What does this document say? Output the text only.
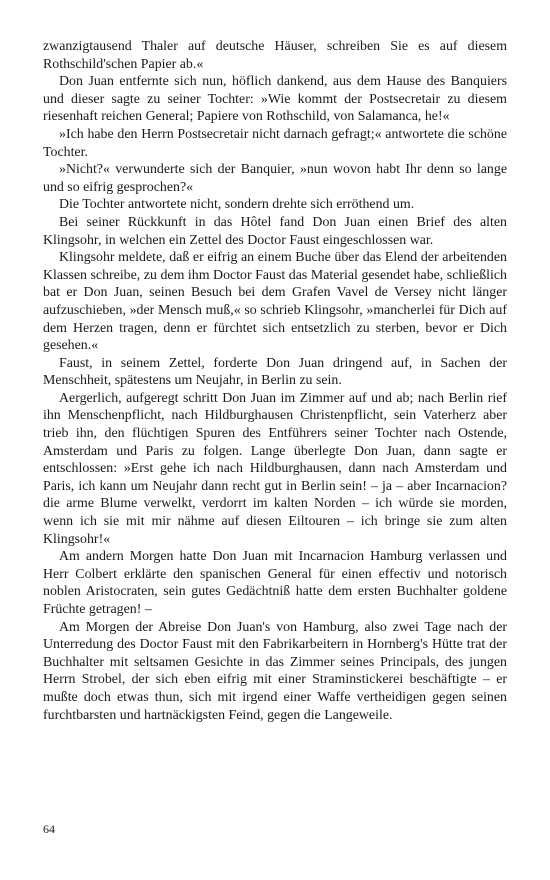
zwanzigtausend Thaler auf deutsche Häuser, schreiben Sie es auf diesem Rothschild'schen Papier ab.«

Don Juan entfernte sich nun, höflich dankend, aus dem Hause des Banquiers und dieser sagte zu seiner Tochter: »Wie kommt der Postsecretair zu diesem riesenhaft reichen General; Papiere von Rothschild, von Salamanca, he!«

»Ich habe den Herrn Postsecretair nicht darnach gefragt;« antwortete die schöne Tochter.

»Nicht?« verwunderte sich der Banquier, »nun wovon habt Ihr denn so lange und so eifrig gesprochen?«

Die Tochter antwortete nicht, sondern drehte sich erröthend um.

Bei seiner Rückkunft in das Hôtel fand Don Juan einen Brief des alten Klingsohr, in welchen ein Zettel des Doctor Faust eingeschlossen war.

Klingsohr meldete, daß er eifrig an einem Buche über das Elend der arbeitenden Klassen schreibe, zu dem ihm Doctor Faust das Material gesendet habe, schließlich bat er Don Juan, seinen Besuch bei dem Grafen Vavel de Versey nicht länger aufzuschieben, »der Mensch muß,« so schrieb Klingsohr, »mancherlei für Dich auf dem Herzen tragen, denn er fürchtet sich entsetzlich zu sterben, bevor er Dich gesehen.«

Faust, in seinem Zettel, forderte Don Juan dringend auf, in Sachen der Menschheit, spätestens um Neujahr, in Berlin zu sein.

Aergerlich, aufgeregt schritt Don Juan im Zimmer auf und ab; nach Berlin rief ihn Menschenpflicht, nach Hildburghausen Christenpflicht, sein Vaterherz aber trieb ihn, den flüchtigen Spuren des Entführers seiner Tochter nach Ostende, Amsterdam und Paris zu folgen. Lange überlegte Don Juan, dann sagte er entschlossen: »Erst gehe ich nach Hildburghausen, dann nach Amsterdam und Paris, ich kann um Neujahr dann recht gut in Berlin sein! – ja – aber Incarnacion? die arme Blume verwelkt, verdorrt im kalten Norden – ich würde sie morden, wenn ich sie mit mir nähme auf diesen Eiltouren – ich bringe sie zum alten Klingsohr!«

Am andern Morgen hatte Don Juan mit Incarnacion Hamburg verlassen und Herr Colbert erklärte den spanischen General für einen effectiv und notorisch noblen Aristocraten, sein gutes Gedächtniß hatte dem ersten Buchhalter goldene Früchte getragen! –

Am Morgen der Abreise Don Juan's von Hamburg, also zwei Tage nach der Unterredung des Doctor Faust mit den Fabrikarbeitern in Hornberg's Hütte trat der Buchhalter mit seltsamen Gesichte in das Zimmer seines Principals, des jungen Herrn Strobel, der sich eben eifrig mit einer Straminstickerei beschäftigte – er mußte doch etwas thun, sich mit irgend einer Waffe vertheidigen gegen seinen furchtbarsten und hartnäckigsten Feind, gegen die Langeweile.

64
